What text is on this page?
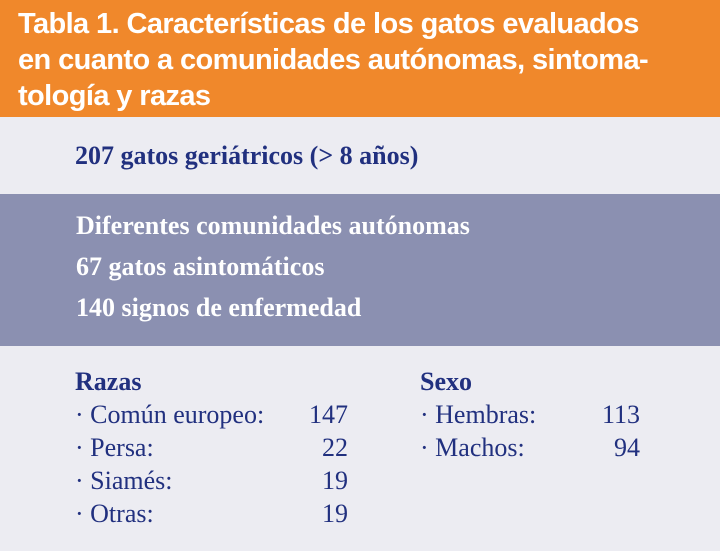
Tabla 1. Características de los gatos evaluados
en cuanto a comunidades autónomas, sintoma-
tología y razas
207 gatos geriátricos (> 8 años)
Diferentes comunidades autónomas
67 gatos asintomáticos
140 signos de enfermedad
Razas
· Común europeo: 147
· Persa:	22
· Siamés:	19
· Otras:	19
Sexo
· Hembras:	113
· Machos:	94
